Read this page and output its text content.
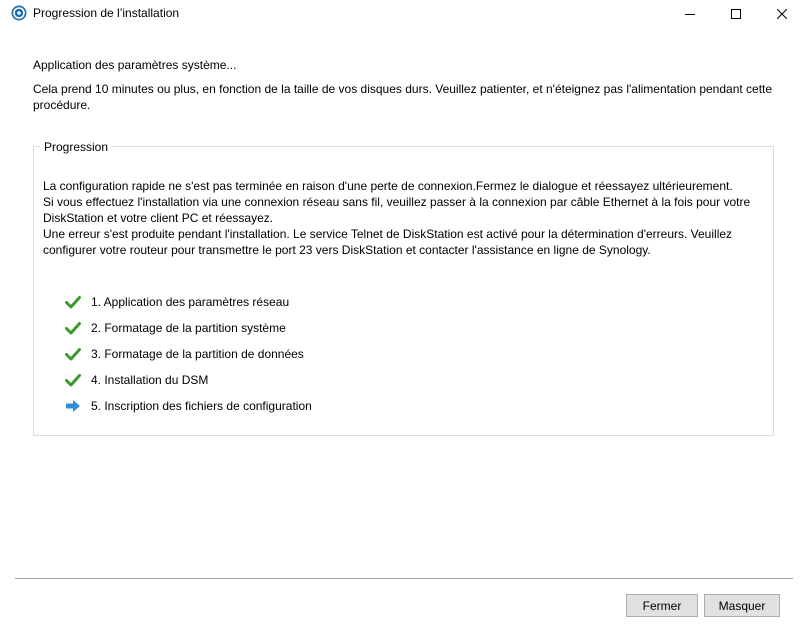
Progression de l’installation
Application des paramètres système...
Cela prend 10 minutes ou plus, en fonction de la taille de vos disques durs. Veuillez patienter, et n'éteignez pas l'alimentation pendant cette procédure.
Progression

La configuration rapide ne s'est pas terminée en raison d'une perte de connexion.Fermez le dialogue et réessayez ultérieurement.

Si vous effectuez l'installation via une connexion réseau sans fil, veuillez passer à la connexion par câble Ethernet à la fois pour votre DiskStation et votre client PC et réessayez.

Une erreur s'est produite pendant l'installation. Le service Telnet de DiskStation est activé pour la détermination d'erreurs. Veuillez configurer votre routeur pour transmettre le port 23 vers DiskStation et contacter l'assistance en ligne de Synology.

1. Application des paramètres réseau
2. Formatage de la partition système
3. Formatage de la partition de données
4. Installation du DSM
5. Inscription des fichiers de configuration
Fermer	Masquer
